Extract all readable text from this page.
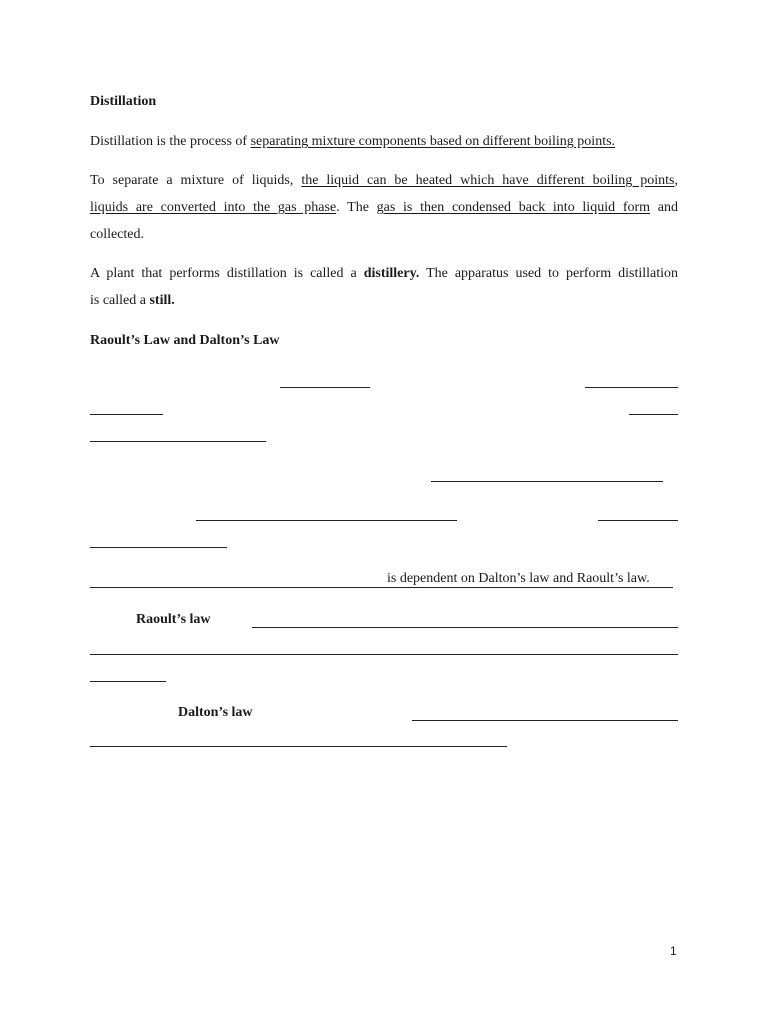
Distillation
Distillation is the process of separating mixture components based on different boiling points.
To separate a mixture of liquids, the liquid can be heated which have different boiling points,
liquids are converted into the gas phase. The gas is then condensed back into liquid form and
collected.
A plant that performs distillation is called a distillery. The apparatus used to perform distillation
is called a still.
Raoult’s Law and Dalton’s Law
is dependent on Dalton’s law and Raoult’s law.
Raoult’s law
Dalton’s law
1
